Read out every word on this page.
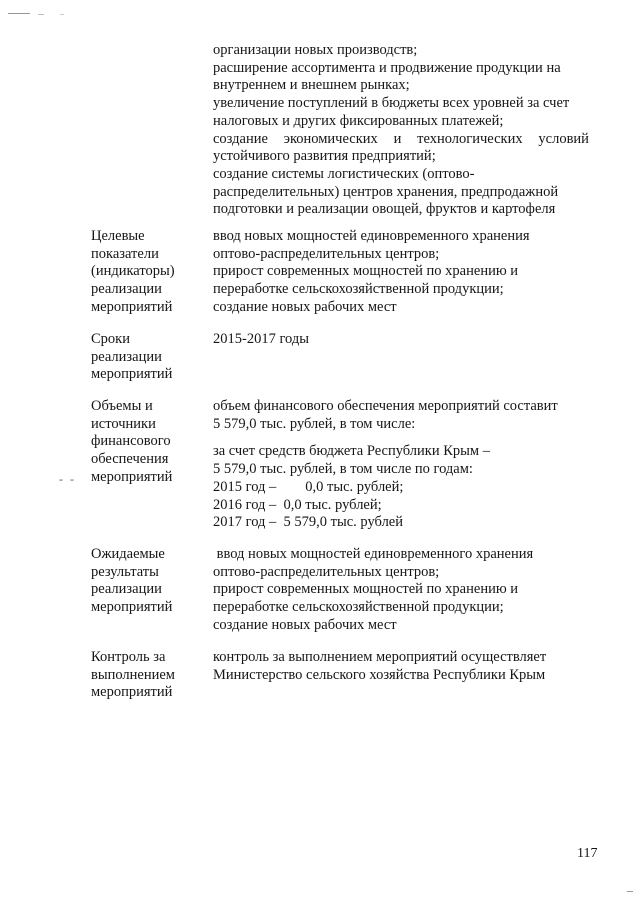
организации новых производств;
расширение ассортимента и продвижение продукции на
внутреннем и внешнем рынках;
увеличение поступлений в бюджеты всех уровней за счет
налоговых и других фиксированных платежей;
создание экономических и технологических условий
устойчивого развития предприятий;
создание системы логистических (оптово-
распределительных) центров хранения, предпродажной
подготовки и реализации овощей, фруктов и картофеля
Целевые
показатели
(индикаторы)
реализации
мероприятий
ввод новых мощностей единовременного хранения
оптово-распределительных центров;
прирост современных мощностей по хранению и
переработке сельскохозяйственной продукции;
создание новых рабочих мест
Сроки
реализации
мероприятий
2015-2017 годы
Объемы и
источники
финансового
обеспечения
мероприятий
объем финансового обеспечения мероприятий составит
5 579,0 тыс. рублей, в том числе:
за счет средств бюджета Республики Крым –
5 579,0 тыс. рублей, в том числе по годам:
2015 год –        0,0 тыс. рублей;
2016 год –  0,0 тыс. рублей;
2017 год –  5 579,0 тыс. рублей
- -
Ожидаемые
результаты
реализации
мероприятий
ввод новых мощностей единовременного хранения
оптово-распределительных центров;
прирост современных мощностей по хранению и
переработке сельскохозяйственной продукции;
создание новых рабочих мест
Контроль за
выполнением
мероприятий
контроль за выполнением мероприятий осуществляет
Министерство сельского хозяйства Республики Крым
117
